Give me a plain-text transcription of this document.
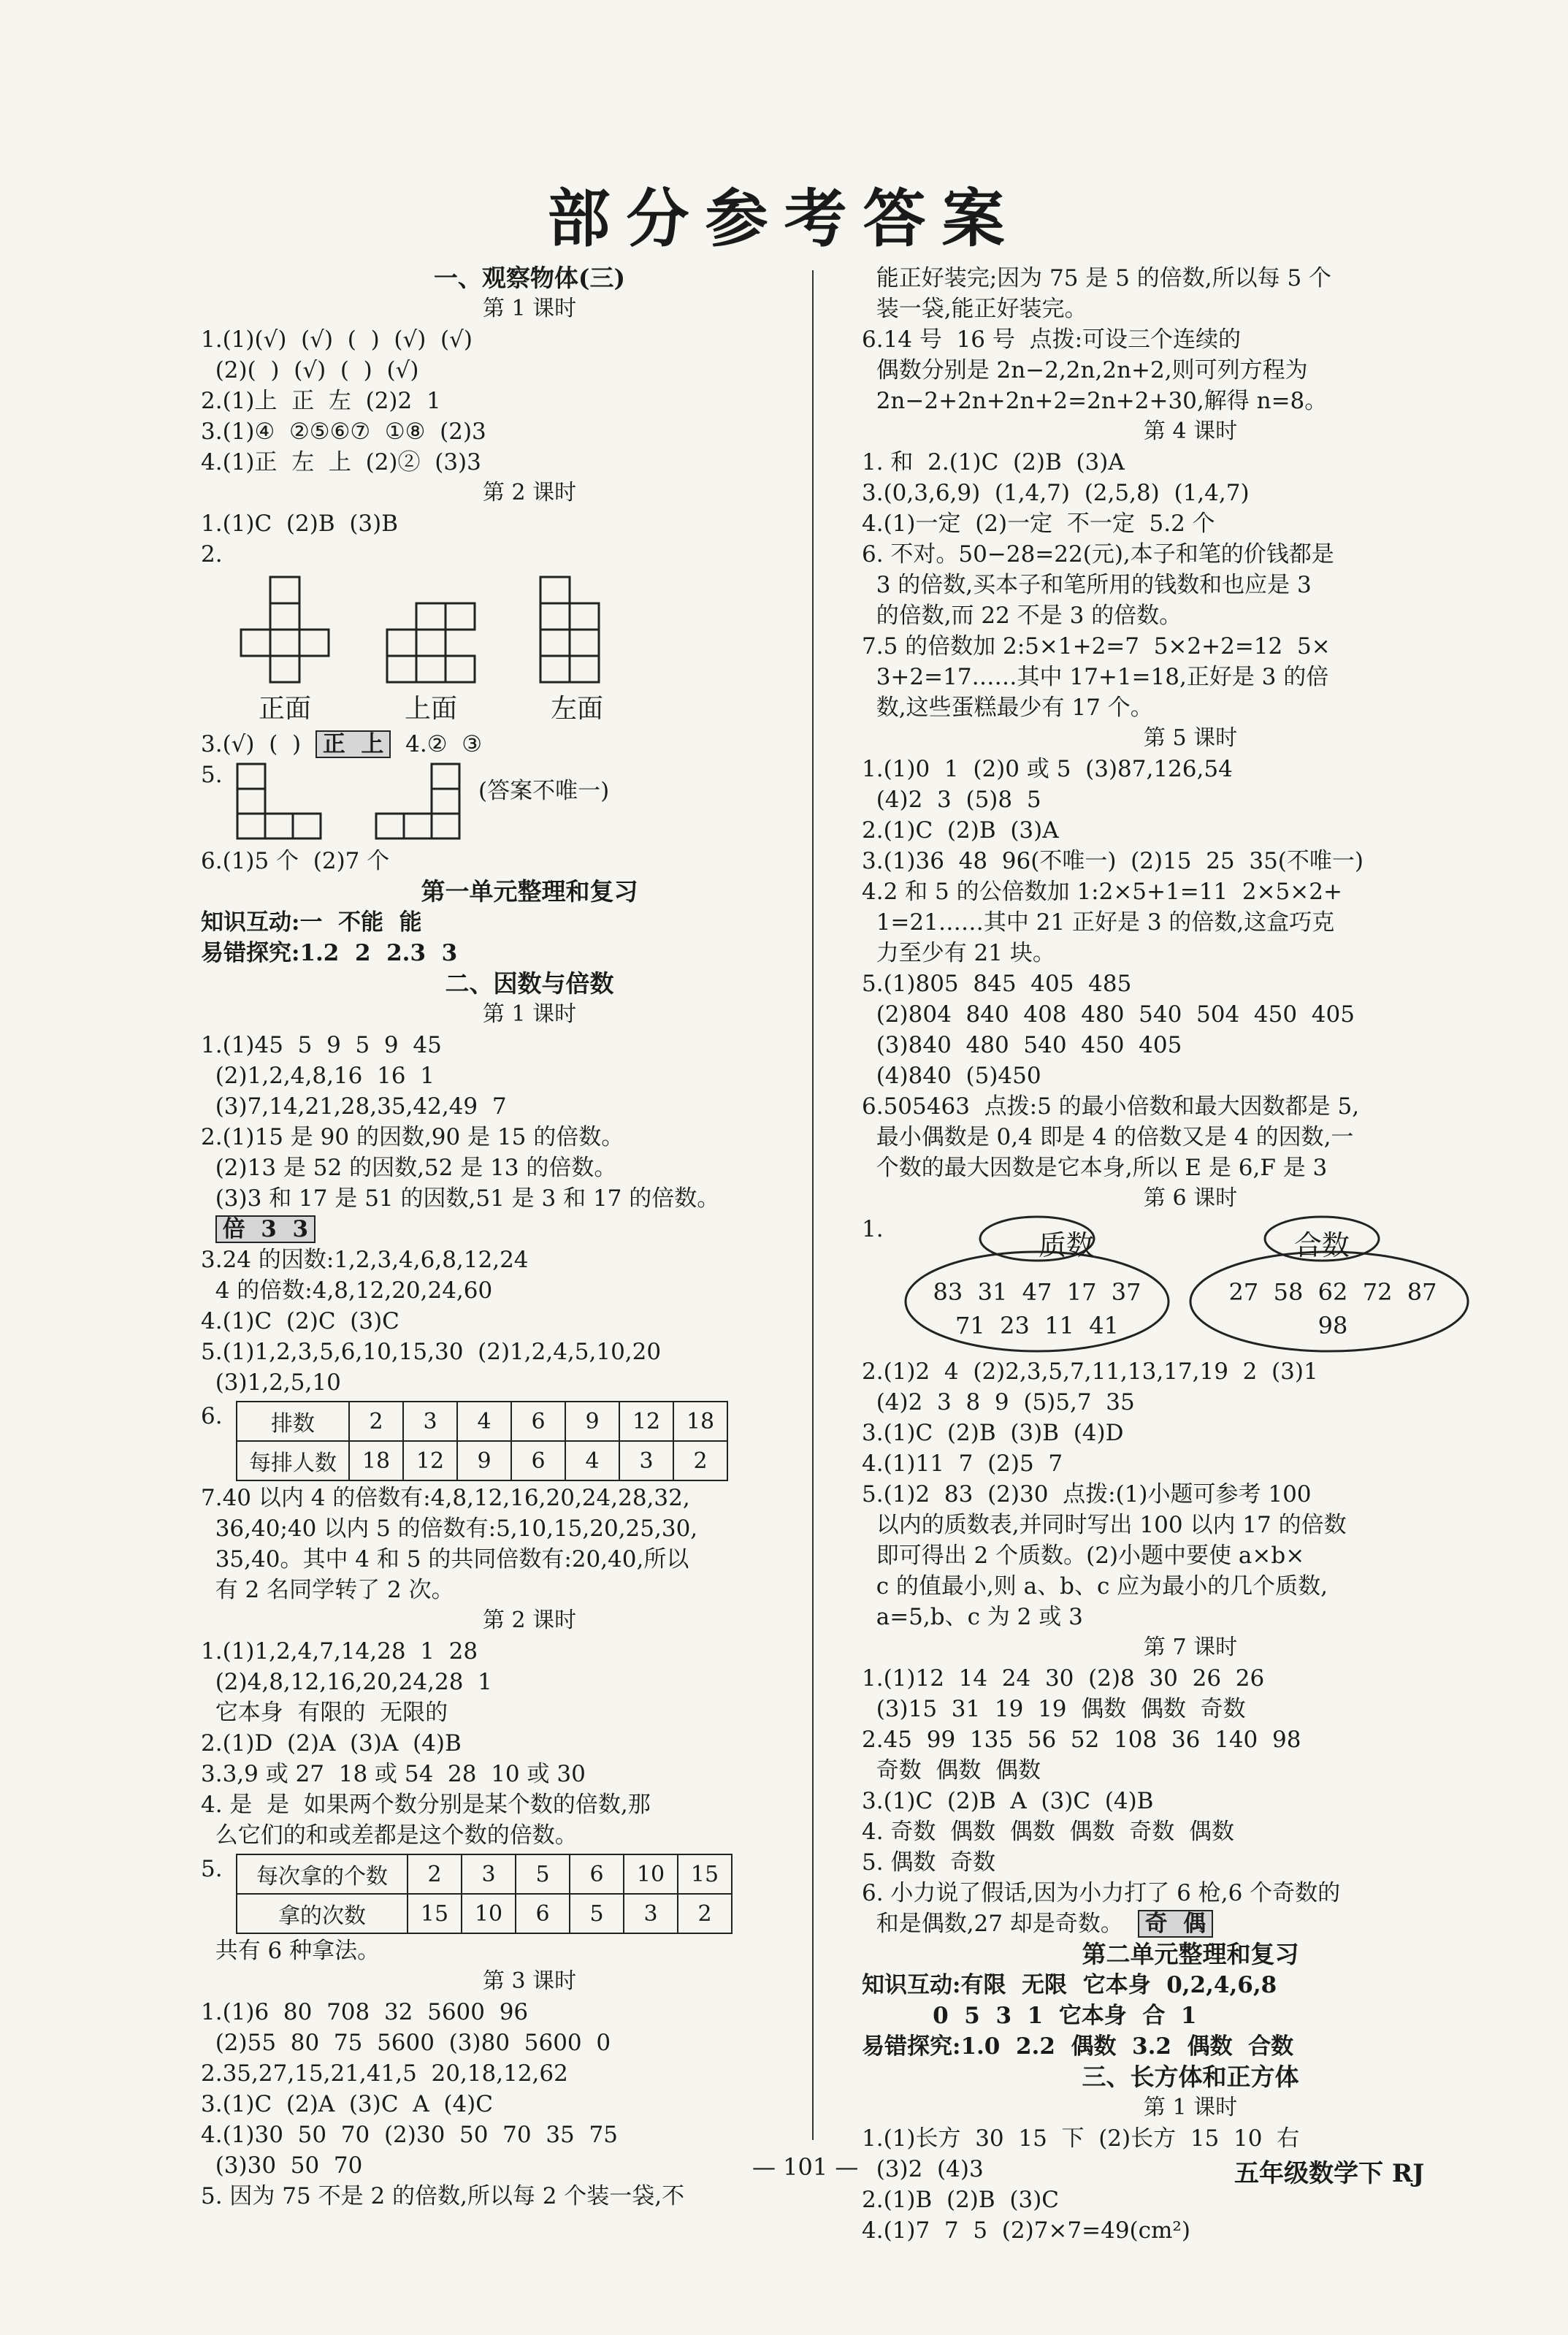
部分参考答案
一、观察物体(三)
第 1 课时
1.(1)(√)  (√)  (  )  (√)  (√)
(2)(  )  (√)  (  )  (√)
2.(1)上  正  左  (2)2  1
3.(1)④  ②⑤⑥⑦  ①⑧  (2)3
4.(1)正  左  上  (2)②  (3)3
第 2 课时
1.(1)C  (2)B  (3)B
2.
正面	上面	左面
3.(√)  (  ) 正  上 4.②  ③
5.
(答案不唯一)
6.(1)5 个  (2)7 个
第一单元整理和复习
知识互动:一  不能  能
易错探究:1.2  2  2.3  3
二、因数与倍数
第 1 课时
1.(1)45  5  9  5  9  45
(2)1,2,4,8,16  16  1
(3)7,14,21,28,35,42,49  7
2.(1)15 是 90 的因数,90 是 15 的倍数。
(2)13 是 52 的因数,52 是 13 的倍数。
(3)3 和 17 是 51 的因数,51 是 3 和 17 的倍数。
倍  3  3
3.24 的因数:1,2,3,4,6,8,12,24
4 的倍数:4,8,12,20,24,60
4.(1)C  (2)C  (3)C
5.(1)1,2,3,5,6,10,15,30  (2)1,2,4,5,10,20
(3)1,2,5,10
6. 排数	2	3	4	6	9	12	18
每排人数	18	12	9	6	4	3	2
7.40 以内 4 的倍数有:4,8,12,16,20,24,28,32,
36,40;40 以内 5 的倍数有:5,10,15,20,25,30,
35,40。其中 4 和 5 的共同倍数有:20,40,所以
有 2 名同学转了 2 次。
第 2 课时
1.(1)1,2,4,7,14,28  1  28
(2)4,8,12,16,20,24,28  1
它本身  有限的  无限的
2.(1)D  (2)A  (3)A  (4)B
3.3,9 或 27  18 或 54  28  10 或 30
4. 是  是  如果两个数分别是某个数的倍数,那
么它们的和或差都是这个数的倍数。
5. 每次拿的个数	2	3	5	6	10	15
拿的次数	15	10	6	5	3	2
共有 6 种拿法。
第 3 课时
1.(1)6  80  708  32  5600  96
(2)55  80  75  5600  (3)80  5600  0
2.35,27,15,21,41,5  20,18,12,62
3.(1)C  (2)A  (3)C  A  (4)C
4.(1)30  50  70  (2)30  50  70  35  75
(3)30  50  70
5. 因为 75 不是 2 的倍数,所以每 2 个装一袋,不
能正好装完;因为 75 是 5 的倍数,所以每 5 个
装一袋,能正好装完。
6.14 号  16 号  点拨:可设三个连续的
偶数分别是 2n−2,2n,2n+2,则可列方程为
2n−2+2n+2n+2=2n+2+30,解得 n=8。
第 4 课时
1. 和  2.(1)C  (2)B  (3)A
3.(0,3,6,9)  (1,4,7)  (2,5,8)  (1,4,7)
4.(1)一定  (2)一定  不一定  5.2 个
6. 不对。50−28=22(元),本子和笔的价钱都是
3 的倍数,买本子和笔所用的钱数和也应是 3
的倍数,而 22 不是 3 的倍数。
7.5 的倍数加 2:5×1+2=7  5×2+2=12  5×
3+2=17……其中 17+1=18,正好是 3 的倍
数,这些蛋糕最少有 17 个。
第 5 课时
1.(1)0  1  (2)0 或 5  (3)87,126,54
(4)2  3  (5)8  5
2.(1)C  (2)B  (3)A
3.(1)36  48  96(不唯一)  (2)15  25  35(不唯一)
4.2 和 5 的公倍数加 1:2×5+1=11  2×5×2+
1=21……其中 21 正好是 3 的倍数,这盒巧克
力至少有 21 块。
5.(1)805  845  405  485
(2)804  840  408  480  540  504  450  405
(3)840  480  540  450  405
(4)840  (5)450
6.505463  点拨:5 的最小倍数和最大因数都是 5,
最小偶数是 0,4 即是 4 的倍数又是 4 的因数,一
个数的最大因数是它本身,所以 E 是 6,F 是 3
第 6 课时
1.	质数
83  31  47  17  37
71  23  11  41
合数
27  58  62  72  87
98
2.(1)2  4  (2)2,3,5,7,11,13,17,19  2  (3)1
(4)2  3  8  9  (5)5,7  35
3.(1)C  (2)B  (3)B  (4)D
4.(1)11  7  (2)5  7
5.(1)2  83  (2)30  点拨:(1)小题可参考 100
以内的质数表,并同时写出 100 以内 17 的倍数
即可得出 2 个质数。(2)小题中要使 a×b×
c 的值最小,则 a、b、c 应为最小的几个质数,
a=5,b、c 为 2 或 3
第 7 课时
1.(1)12  14  24  30  (2)8  30  26  26
(3)15  31  19  19  偶数  偶数  奇数
2.45  99  135  56  52  108  36  140  98
奇数  偶数  偶数
3.(1)C  (2)B  A  (3)C  (4)B
4. 奇数  偶数  偶数  偶数  奇数  偶数
5. 偶数  奇数
6. 小力说了假话,因为小力打了 6 枪,6 个奇数的
和是偶数,27 却是奇数。 奇  偶
第二单元整理和复习
知识互动:有限  无限  它本身  0,2,4,6,8
0  5  3  1  它本身  合  1
易错探究:1.0  2.2  偶数  3.2  偶数  合数
三、长方体和正方体
第 1 课时
1.(1)长方  30  15  下  (2)长方  15  10  右
(3)2  (4)3
2.(1)B  (2)B  (3)C
4.(1)7  7  5  (2)7×7=49(cm²)
— 101 —	五年级数学下 RJ
